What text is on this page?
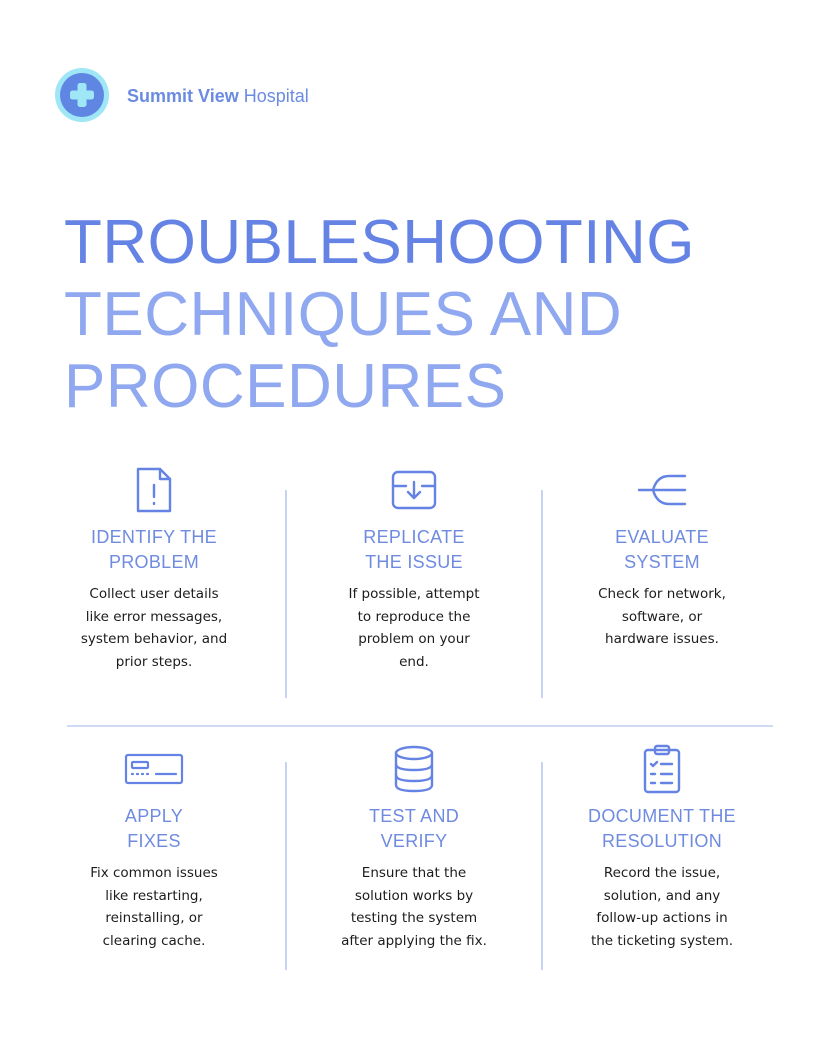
Summit View Hospital
TROUBLESHOOTING
TECHNIQUES AND
PROCEDURES
IDENTIFY THE
PROBLEM
Collect user details
like error messages,
system behavior, and
prior steps.
REPLICATE
THE ISSUE
If possible, attempt
to reproduce the
problem on your
end.
EVALUATE
SYSTEM
Check for network,
software, or
hardware issues.
APPLY
FIXES
Fix common issues
like restarting,
reinstalling, or
clearing cache.
TEST AND
VERIFY
Ensure that the
solution works by
testing the system
after applying the fix.
DOCUMENT THE
RESOLUTION
Record the issue,
solution, and any
follow-up actions in
the ticketing system.
